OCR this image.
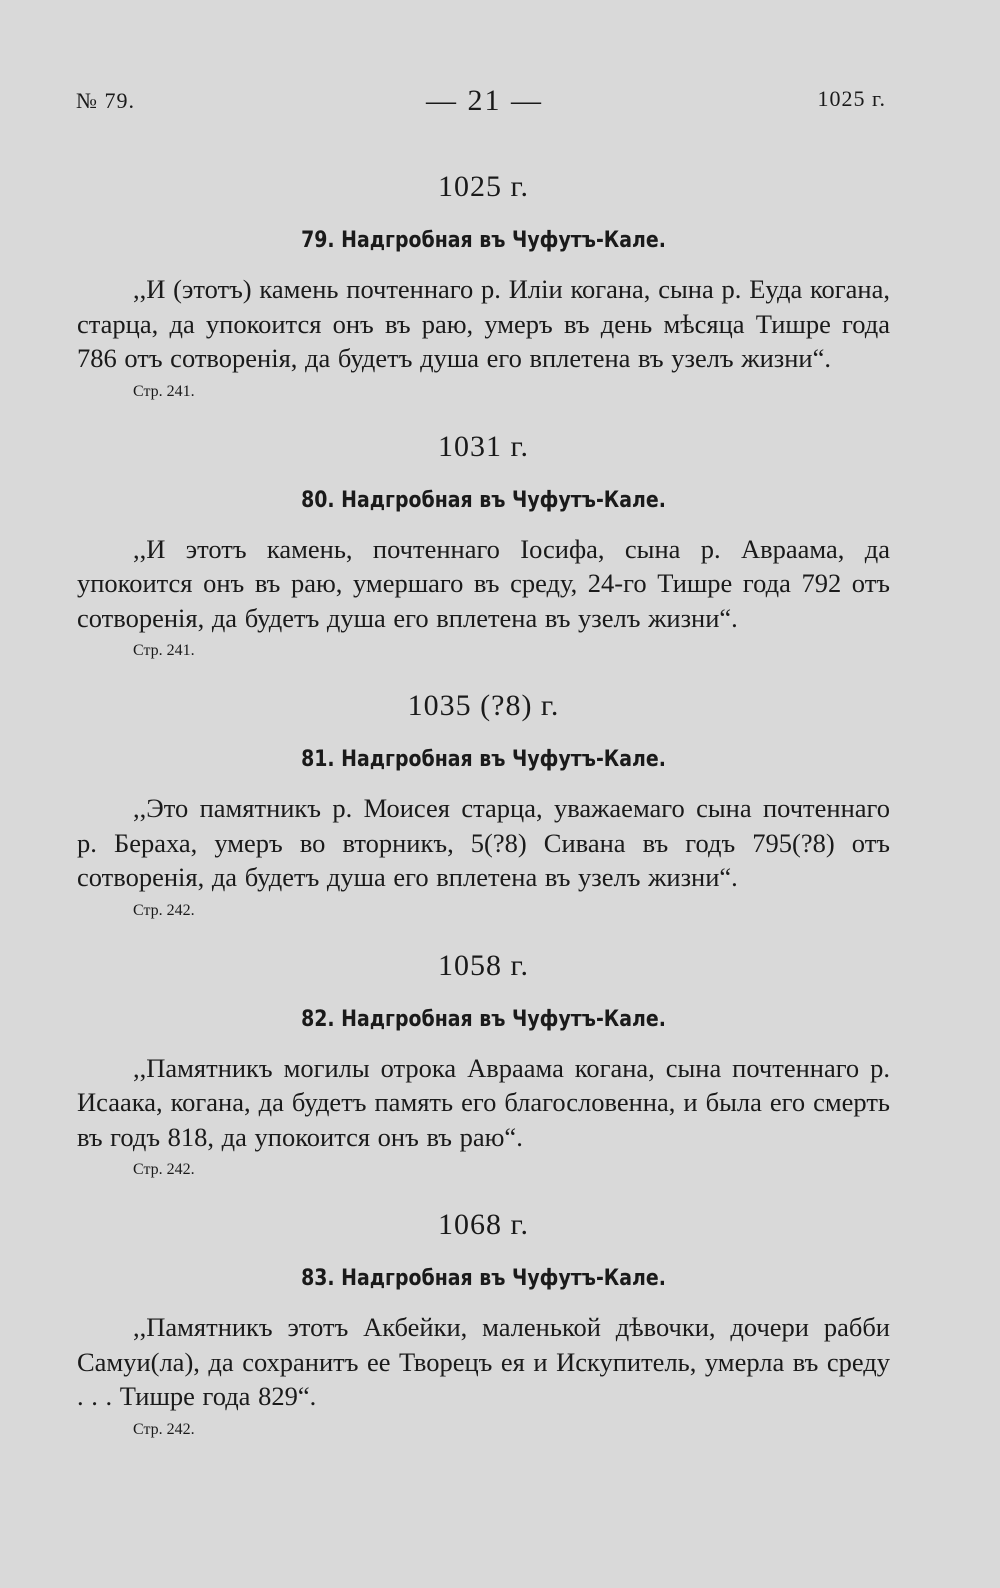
№ 79.	— 21 —	1025 г.
1025 г.
79. Надгробная въ Чуфутъ-Кале.

,,И (этотъ) камень почтеннаго р. Иліи когана, сына р. Еуда когана, старца, да упокоится онъ въ раю, умеръ въ день мѣсяца Тишре года 786 отъ сотворенія, да будетъ душа его вплетена въ узелъ жизни“.

Стр. 241.
1031 г.
80. Надгробная въ Чуфутъ-Кале.

,,И этотъ камень, почтеннаго Іосифа, сына р. Авраама, да упокоится онъ въ раю, умершаго въ среду, 24-го Тишре года 792 отъ сотворенія, да будетъ душа его вплетена въ узелъ жизни“.

Стр. 241.
1035 (?8) г.
81. Надгробная въ Чуфутъ-Кале.

,,Это памятникъ р. Моисея старца, уважаемаго сына почтеннаго р. Бераха, умеръ во вторникъ, 5(?8) Сивана въ годъ 795(?8) отъ сотворенія, да будетъ душа его вплетена въ узелъ жизни“.

Стр. 242.
1058 г.
82. Надгробная въ Чуфутъ-Кале.

,,Памятникъ могилы отрока Авраама когана, сына почтеннаго р. Исаака, когана, да будетъ память его благословенна, и была его смерть въ годъ 818, да упокоится онъ въ раю“.

Стр. 242.
1068 г.
83. Надгробная въ Чуфутъ-Кале.

,,Памятникъ этотъ Акбейки, маленькой дѣвочки, дочери рабби Самуи(ла), да сохранитъ ее Творецъ ея и Искупитель, умерла въ среду . . . Тишре года 829“.

Стр. 242.
